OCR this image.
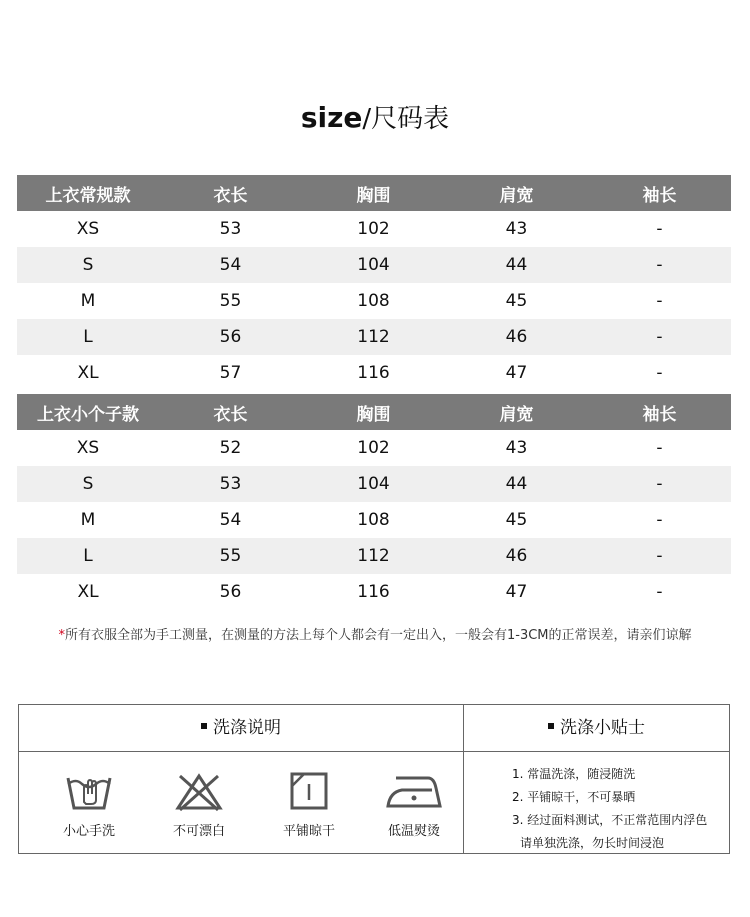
size/尺码表
上衣常规款	衣长	胸围	肩宽	袖长
XS	53	102	43	-
S	54	104	44	-
M	55	108	45	-
L	56	112	46	-
XL	57	116	47	-
上衣小个子款	衣长	胸围	肩宽	袖长
XS	52	102	43	-
S	53	104	44	-
M	54	108	45	-
L	55	112	46	-
XL	56	116	47	-
*所有衣服全部为手工测量，在测量的方法上每个人都会有一定出入，一般会有1-3CM的正常误差，请亲们谅解
洗涤说明
小心手洗	不可漂白	平铺晾干	低温熨烫
洗涤小贴士
1. 常温洗涤，随浸随洗
2. 平铺晾干，不可暴晒
3. 经过面料测试，不正常范围内浮色
请单独洗涤，勿长时间浸泡
